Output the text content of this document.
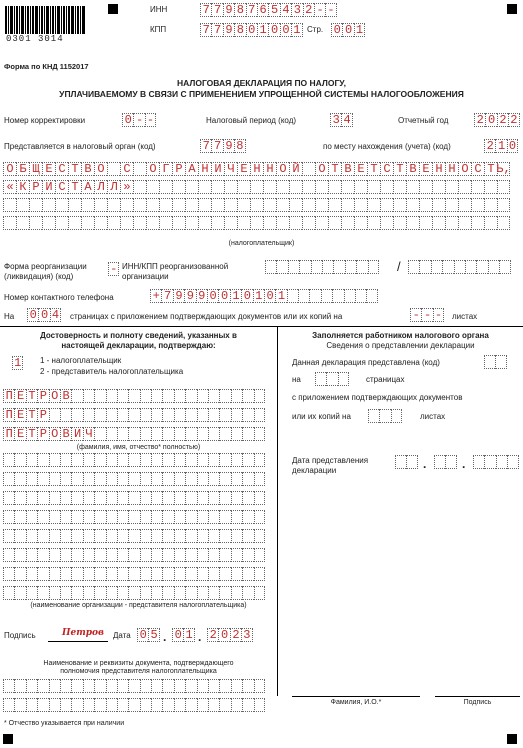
0301 3014
ИНН	7 7 9 8 7 6 5 4 3 2 - -
КПП	7 7 9 8 0 1 0 0 1 Стр. 0 0 1
Форма по КНД 1152017
НАЛОГОВАЯ ДЕКЛАРАЦИЯ ПО НАЛОГУ,
УПЛАЧИВАЕМОМУ В СВЯЗИ С ПРИМЕНЕНИЕМ УПРОЩЕННОЙ СИСТЕМЫ НАЛОГООБЛОЖЕНИЯ
Номер корректировки	0 - -	Налоговый период (код)	3 4	Отчетный год 2 0 2 2
Представляется в налоговый орган (код)	7 7 9 8	по месту нахождения (учета) (код)	2 1 0
О Б Щ Е С Т В О С О Г Р А Н И Ч Е Н Н О Й О Т В Е Т С Т В Е Н Н О С Т Ь,
« К Р И С Т А Л Л »
(налогоплательщик)
Форма реорганизации (ликвидация) (код)
- ИНН/КПП реорганизованной организации
/
Номер контактного телефона	+ 7 9 9 9 0 0 1 0 1 0 1
На 0 0 4 страницах с приложением подтверждающих документов или их копий на	- - - листах
Достоверность и полноту сведений, указанных в
настоящей декларации, подтверждаю:
1 1 - налогоплательщик
2 - представитель налогоплательщика
П Е Т Р О В
П Е Т Р
П Е Т Р О В И Ч
(фамилия, имя, отчество* полностью)
(наименование организации - представителя налогоплательщика)
Подпись	Петров Дата 0 5 . 0 1 . 2 0 2 3
Наименование и реквизиты документа, подтверждающего
полномочия представителя налогоплательщика
* Отчество указывается при наличии
Заполняется работником налогового органа
Сведения о представлении декларации
Данная декларация представлена (код)
на	страницах
с приложением подтверждающих документов
или их копий на	листах
Дата представления
декларации	.	.
Фамилия, И.О.*	Подпись
